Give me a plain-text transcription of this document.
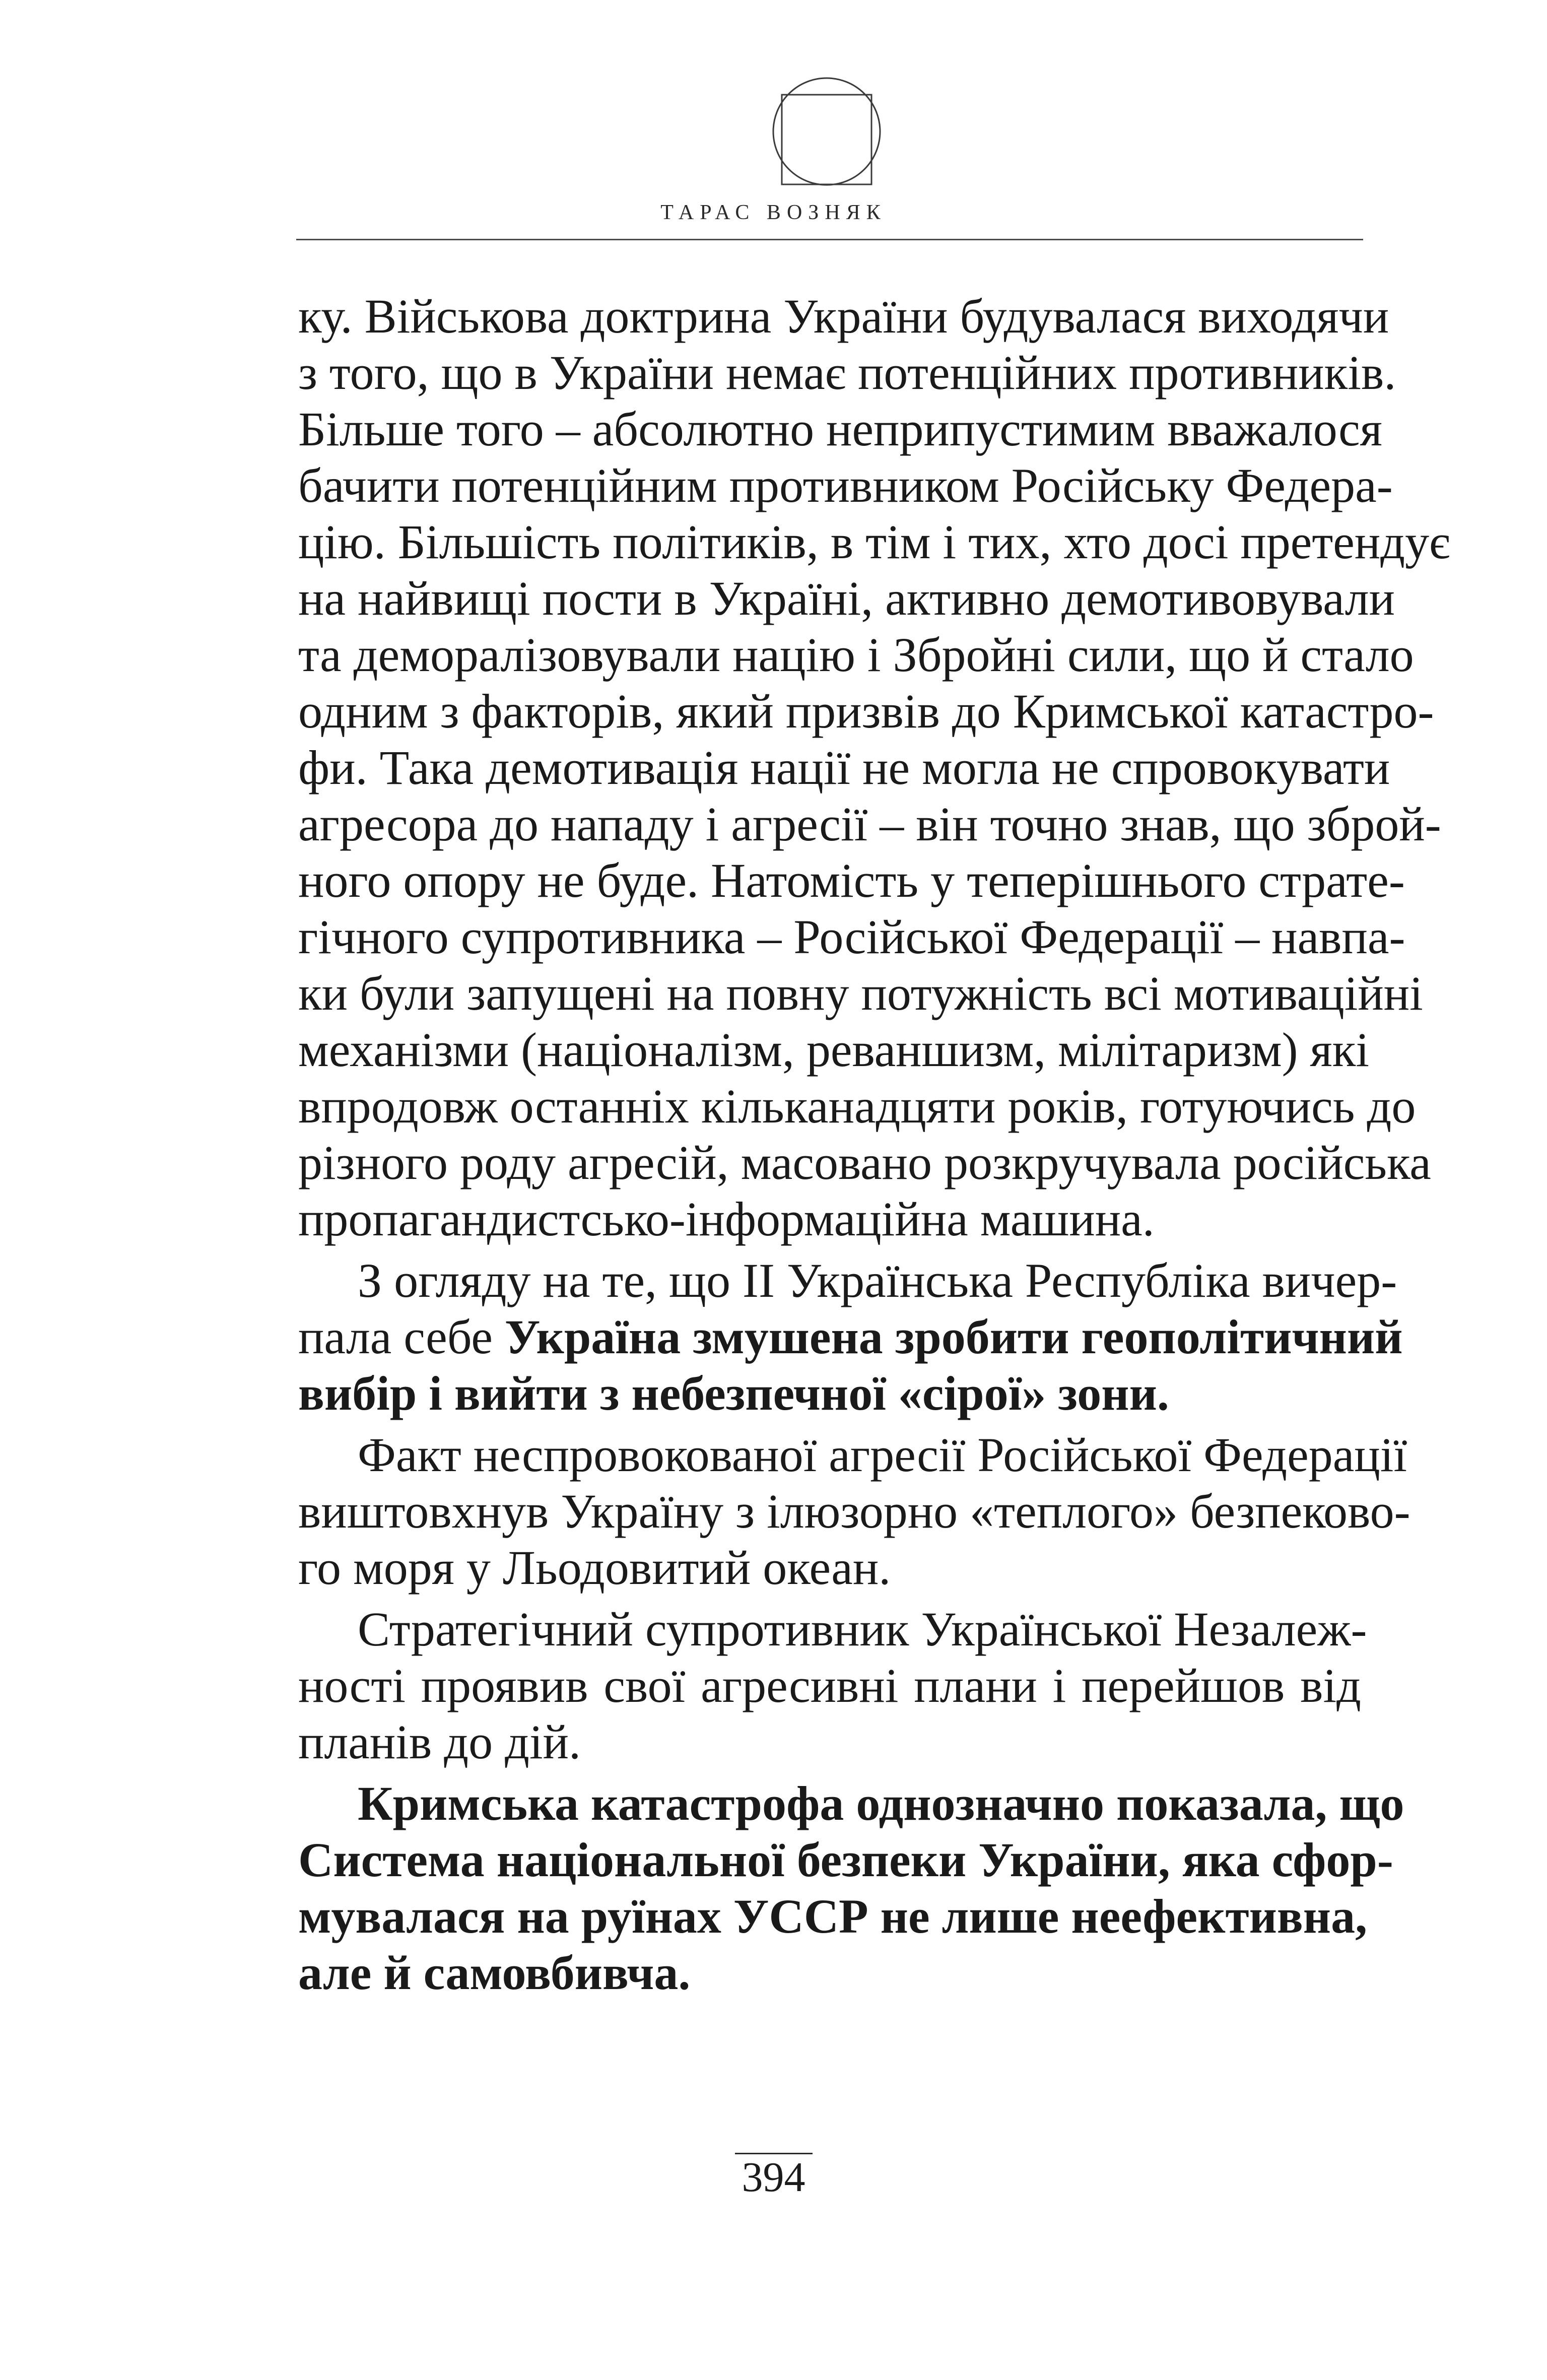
ТАРАС ВОЗНЯК
ку. Військова доктрина України будувалася виходячи
з того, що в України немає потенційних противників.
Більше того – абсолютно неприпустимим вважалося
бачити потенційним противником Російську Федера-
цію. Більшість політиків, в тім і тих, хто досі претендує
на найвищі пости в Україні, активно демотивовували
та деморалізовували націю і Збройні сили, що й стало
одним з факторів, який призвів до Кримської катастро-
фи. Така демотивація нації не могла не спровокувати
агресора до нападу і агресії – він точно знав, що зброй-
ного опору не буде. Натомість у теперішнього страте-
гічного супротивника – Російської Федерації – навпа-
ки були запущені на повну потужність всі мотиваційні
механізми (націоналізм, реваншизм, мілітаризм) які
впродовж останніх кільканадцяти років, готуючись до
різного роду агресій, масовано розкручувала російська
пропагандистсько-інформаційна машина.
З огляду на те, що ІІ Українська Республіка вичер-
пала себе Україна змушена зробити геополітичний
вибір і вийти з небезпечної «сірої» зони.
Факт неспровокованої агресії Російської Федерації
виштовхнув Україну з ілюзорно «теплого» безпеково-
го моря у Льодовитий океан.
Стратегічний супротивник Української Незалеж-
ності проявив свої агресивні плани і перейшов від
планів до дій.
Кримська катастрофа однозначно показала, що
Система національної безпеки України, яка сфор-
мувалася на руїнах УССР не лише неефективна,
але й самовбивча.
394
